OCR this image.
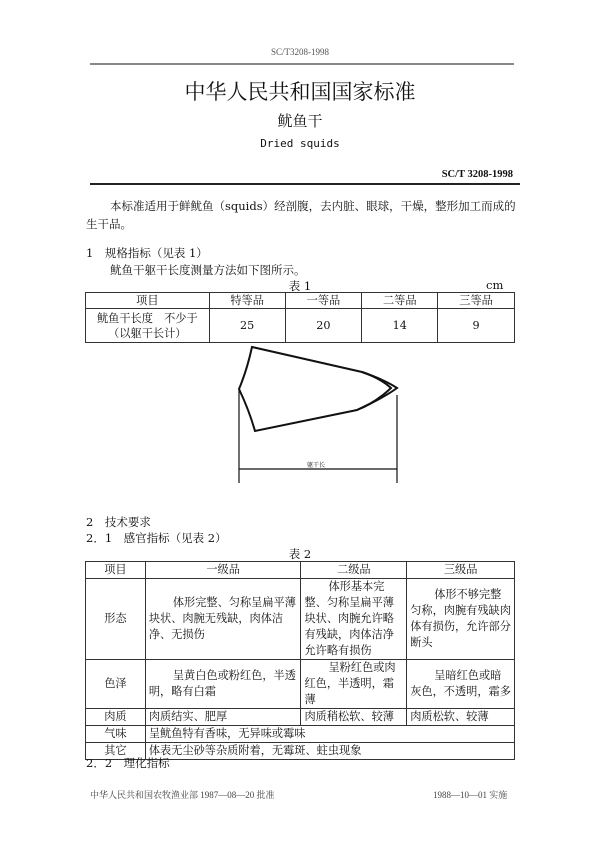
SC/T3208-1998
中华人民共和国国家标准
鱿鱼干
Dried squids
SC/T 3208-1998
本标准适用于鲜鱿鱼（squids）经剖腹，去内脏、眼球，干燥，整形加工而成的生干品。
1　规格指标（见表 1）
鱿鱼干躯干长度测量方法如下图所示。
表 1	cm
项目	特等品	一等品	二等品	三等品

鱿鱼干长度　不少于
（以躯干长计）	25	20	14	9
躯干长
2　技术要求
2．1　感官指标（见表 2）
表 2
项目	一级品	二级品	三级品
形态	体形完整、匀称呈扁平薄块状、肉腕无残缺，肉体洁净、无损伤	体形基本完整、匀称呈扁平薄块状、肉腕允许略有残缺，肉体洁净允许略有损伤	体形不够完整匀称，肉腕有残缺肉体有损伤，允许部分断头
色泽	呈黄白色或粉红色，半透明，略有白霜	呈粉红色或肉红色，半透明，霜薄	呈暗红色或暗灰色，不透明，霜多
肉质	肉质结实、肥厚	肉质稍松软、较薄	肉质松软、较薄
气味	呈鱿鱼特有香味，无异味或霉味		
其它	体表无尘砂等杂质附着，无霉斑、蛀虫现象		
2．2　理化指标
中华人民共和国农牧渔业部 1987—08—20 批准	1988—10—01 实施
